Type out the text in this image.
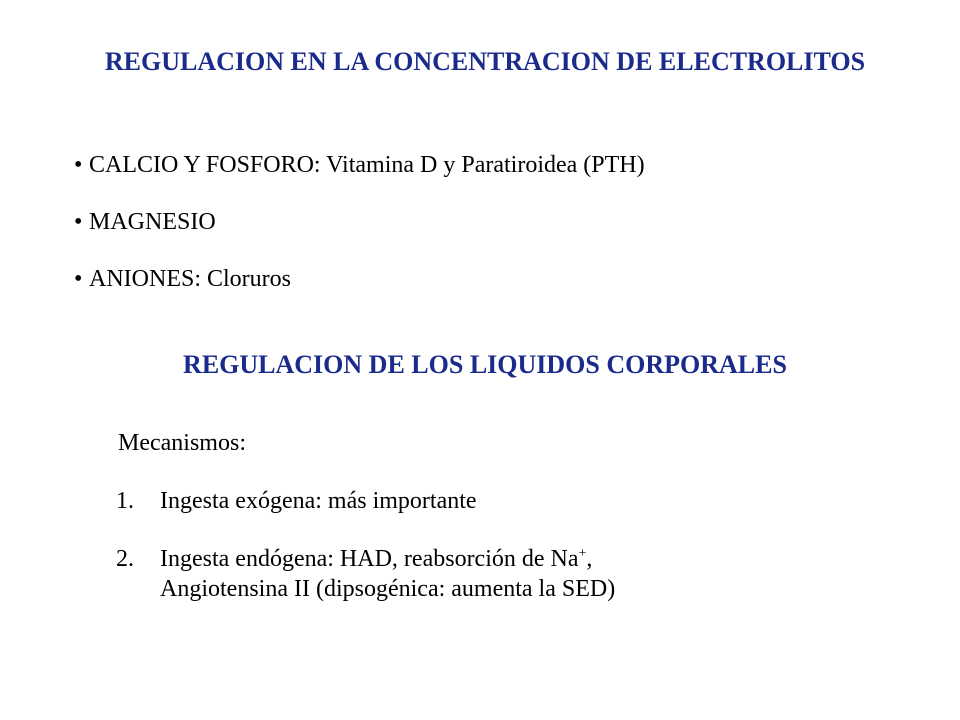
REGULACION EN LA CONCENTRACION DE ELECTROLITOS
• CALCIO Y FOSFORO: Vitamina D y Paratiroidea (PTH)
• MAGNESIO
• ANIONES: Cloruros
REGULACION DE LOS LIQUIDOS CORPORALES

Mecanismos:

1. Ingesta exógena: más importante
2. Ingesta endógena: HAD, reabsorción de Na+,
Angiotensina II (dipsogénica: aumenta la SED)
